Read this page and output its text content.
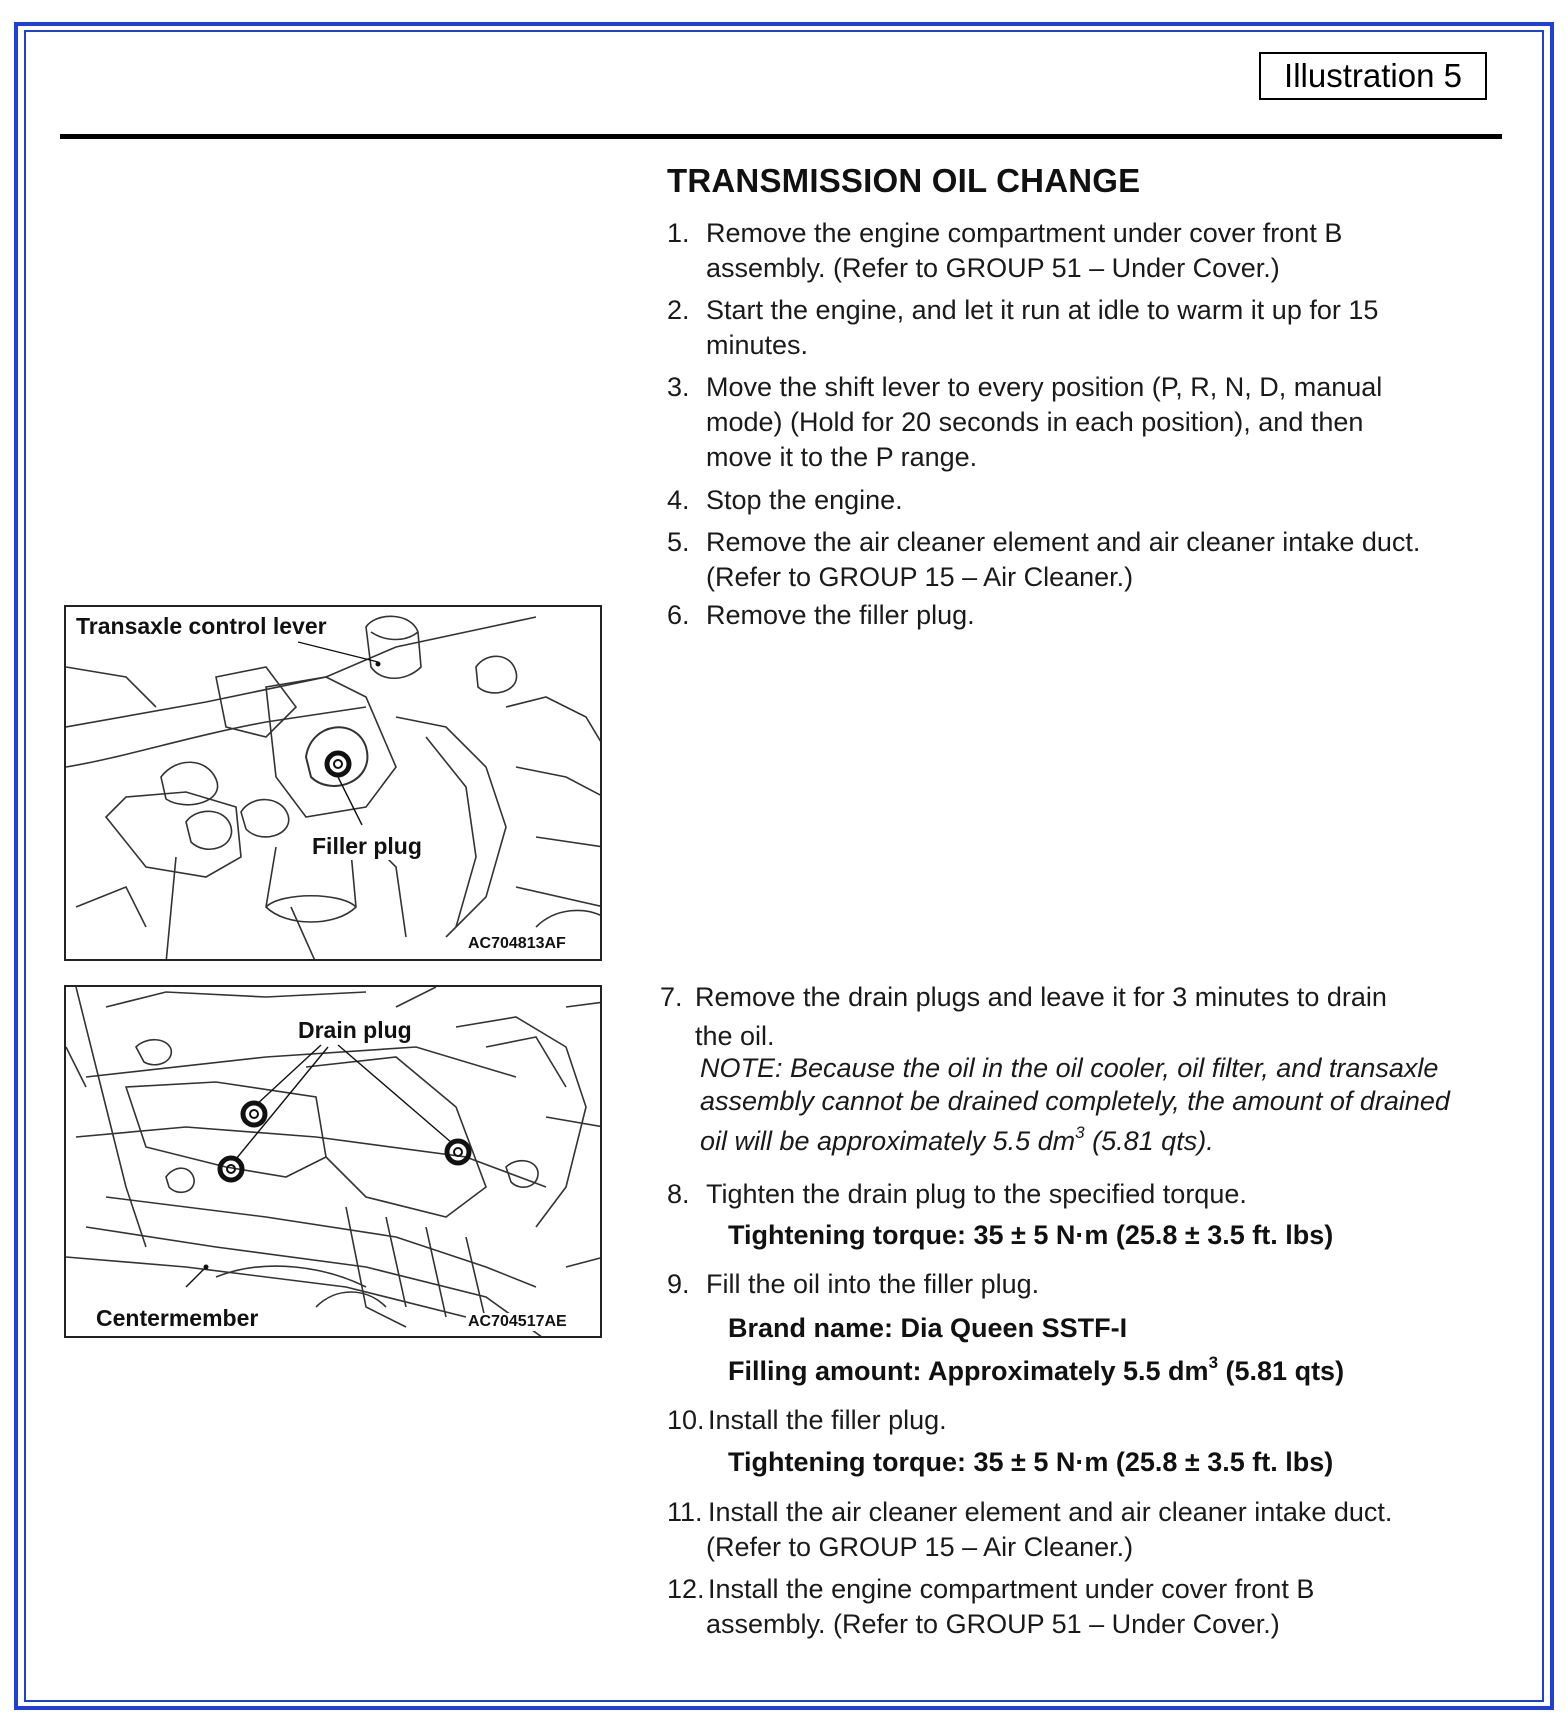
Illustration 5
TRANSMISSION OIL CHANGE
1. Remove the engine compartment under cover front B
assembly. (Refer to GROUP 51 – Under Cover.)
2. Start the engine, and let it run at idle to warm it up for 15
minutes.
3. Move the shift lever to every position (P, R, N, D, manual
mode) (Hold for 20 seconds in each position), and then
move it to the P range.
4. Stop the engine.
5. Remove the air cleaner element and air cleaner intake duct.
(Refer to GROUP 15 – Air Cleaner.)
6. Remove the filler plug.
7. Remove the drain plugs and leave it for 3 minutes to drain
the oil.
NOTE: Because the oil in the oil cooler, oil filter, and transaxle
assembly cannot be drained completely, the amount of drained
oil will be approximately 5.5 $dm^3$ (5.81 qts).
8. Tighten the drain plug to the specified torque.
Tightening torque: 35 ± 5 N·m (25.8 ± 3.5 ft. lbs)
9. Fill the oil into the filler plug.
Brand name: Dia Queen SSTF-I
Filling amount: Approximately 5.5 $dm^3$ (5.81 qts)
10. Install the filler plug.
Tightening torque: 35 ± 5 N·m (25.8 ± 3.5 ft. lbs)
11. Install the air cleaner element and air cleaner intake duct.
(Refer to GROUP 15 – Air Cleaner.)
12. Install the engine compartment under cover front B
assembly. (Refer to GROUP 51 – Under Cover.)
Transaxle control lever
Filler plug
AC704813AF
Drain plug
Centermember	AC704517AE
